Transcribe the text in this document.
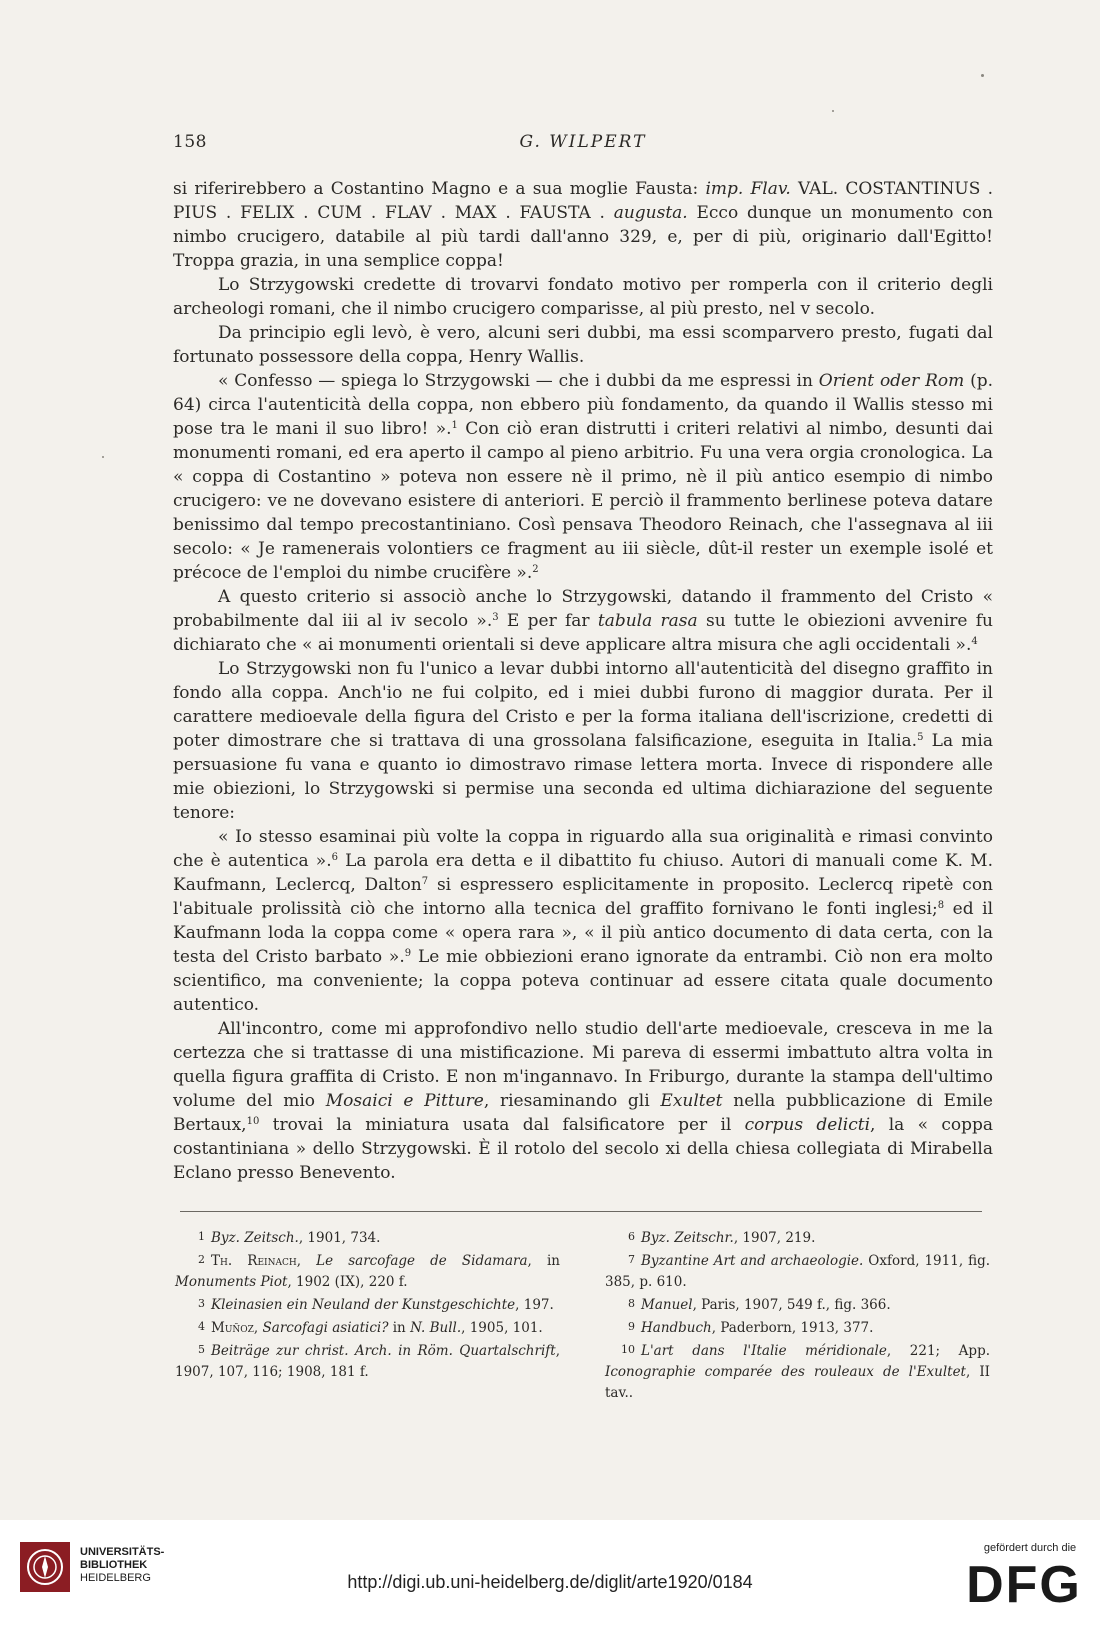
158	G. WILPERT

si riferirebbero a Costantino Magno e a sua moglie Fausta: imp. Flav. VAL. COSTANTINUS . PIUS . FELIX . CUM . FLAV . MAX . FAUSTA . augusta. Ecco dunque un monumento con nimbo crucigero, databile al più tardi dall'anno 329, e, per di più, originario dall'Egitto! Troppa grazia, in una semplice coppa!

Lo Strzygowski credette di trovarvi fondato motivo per romperla con il criterio degli archeologi romani, che il nimbo crucigero comparisse, al più presto, nel v secolo.

Da principio egli levò, è vero, alcuni seri dubbi, ma essi scomparvero presto, fugati dal fortunato possessore della coppa, Henry Wallis.

« Confesso — spiega lo Strzygowski — che i dubbi da me espressi in Orient oder Rom (p. 64) circa l'autenticità della coppa, non ebbero più fondamento, da quando il Wallis stesso mi pose tra le mani il suo libro! ».$^1$ Con ciò eran distrutti i criteri relativi al nimbo, desunti dai monumenti romani, ed era aperto il campo al pieno arbitrio. Fu una vera orgia cronologica. La « coppa di Costantino » poteva non essere nè il primo, nè il più antico esempio di nimbo crucigero: ve ne dovevano esistere di anteriori. E perciò il frammento berlinese poteva datare benissimo dal tempo precostantiniano. Così pensava Theodoro Reinach, che l'assegnava al iii secolo: « Je ramenerais volontiers ce fragment au iii siècle, dût-il rester un exemple isolé et précoce de l'emploi du nimbe crucifère ».$^2$

A questo criterio si associò anche lo Strzygowski, datando il frammento del Cristo « probabilmente dal iii al iv secolo ».$^3$ E per far tabula rasa su tutte le obiezioni avvenire fu dichiarato che « ai monumenti orientali si deve applicare altra misura che agli occidentali ».$^4$

Lo Strzygowski non fu l'unico a levar dubbi intorno all'autenticità del disegno graffito in fondo alla coppa. Anch'io ne fui colpito, ed i miei dubbi furono di maggior durata. Per il carattere medioevale della figura del Cristo e per la forma italiana dell'iscrizione, credetti di poter dimostrare che si trattava di una grossolana falsificazione, eseguita in Italia.$^5$ La mia persuasione fu vana e quanto io dimostravo rimase lettera morta. Invece di rispondere alle mie obiezioni, lo Strzygowski si permise una seconda ed ultima dichiarazione del seguente tenore:

« Io stesso esaminai più volte la coppa in riguardo alla sua originalità e rimasi convinto che è autentica ».$^6$ La parola era detta e il dibattito fu chiuso. Autori di manuali come K. M. Kaufmann, Leclercq, Dalton$^7$ si espressero esplicitamente in proposito. Leclercq ripetè con l'abituale prolissità ciò che intorno alla tecnica del graffito fornivano le fonti inglesi;$^8$ ed il Kaufmann loda la coppa come « opera rara », « il più antico documento di data certa, con la testa del Cristo barbato ».$^9$ Le mie obbiezioni erano ignorate da entrambi. Ciò non era molto scientifico, ma conveniente; la coppa poteva continuar ad essere citata quale documento autentico.

All'incontro, come mi approfondivo nello studio dell'arte medioevale, cresceva in me la certezza che si trattasse di una mistificazione. Mi pareva di essermi imbattuto altra volta in quella figura graffita di Cristo. E non m'ingannavo. In Friburgo, durante la stampa dell'ultimo volume del mio Mosaici e Pitture, riesaminando gli Exultet nella pubblicazione di Emile Bertaux,$^{10}$ trovai la miniatura usata dal falsificatore per il corpus delicti, la « coppa costantiniana » dello Strzygowski. È il rotolo del secolo xi della chiesa collegiata di Mirabella Eclano presso Benevento.

1 Byz. Zeitsch., 1901, 734.

2 Th. Reinach, Le sarcofage de Sidamara, in Monuments Piot, 1902 (IX), 220 f.

3 Kleinasien ein Neuland der Kunstgeschichte, 197.

4 Muñoz, Sarcofagi asiatici? in N. Bull., 1905, 101.

5 Beiträge zur christ. Arch. in Röm. Quartalschrift, 1907, 107, 116; 1908, 181 f.

6 Byz. Zeitschr., 1907, 219.

7 Byzantine Art and archaeologie. Oxford, 1911, fig. 385, p. 610.

8 Manuel, Paris, 1907, 549 f., fig. 366.

9 Handbuch, Paderborn, 1913, 377.

10 L'art dans l'Italie méridionale, 221; App. Iconographie comparée des rouleaux de l'Exultet, II tav..

UNIVERSITÄTS-
BIBLIOTHEK
HEIDELBERG	http://digi.ub.uni-heidelberg.de/diglit/arte1920/0184
gefördert durch die
DFG
